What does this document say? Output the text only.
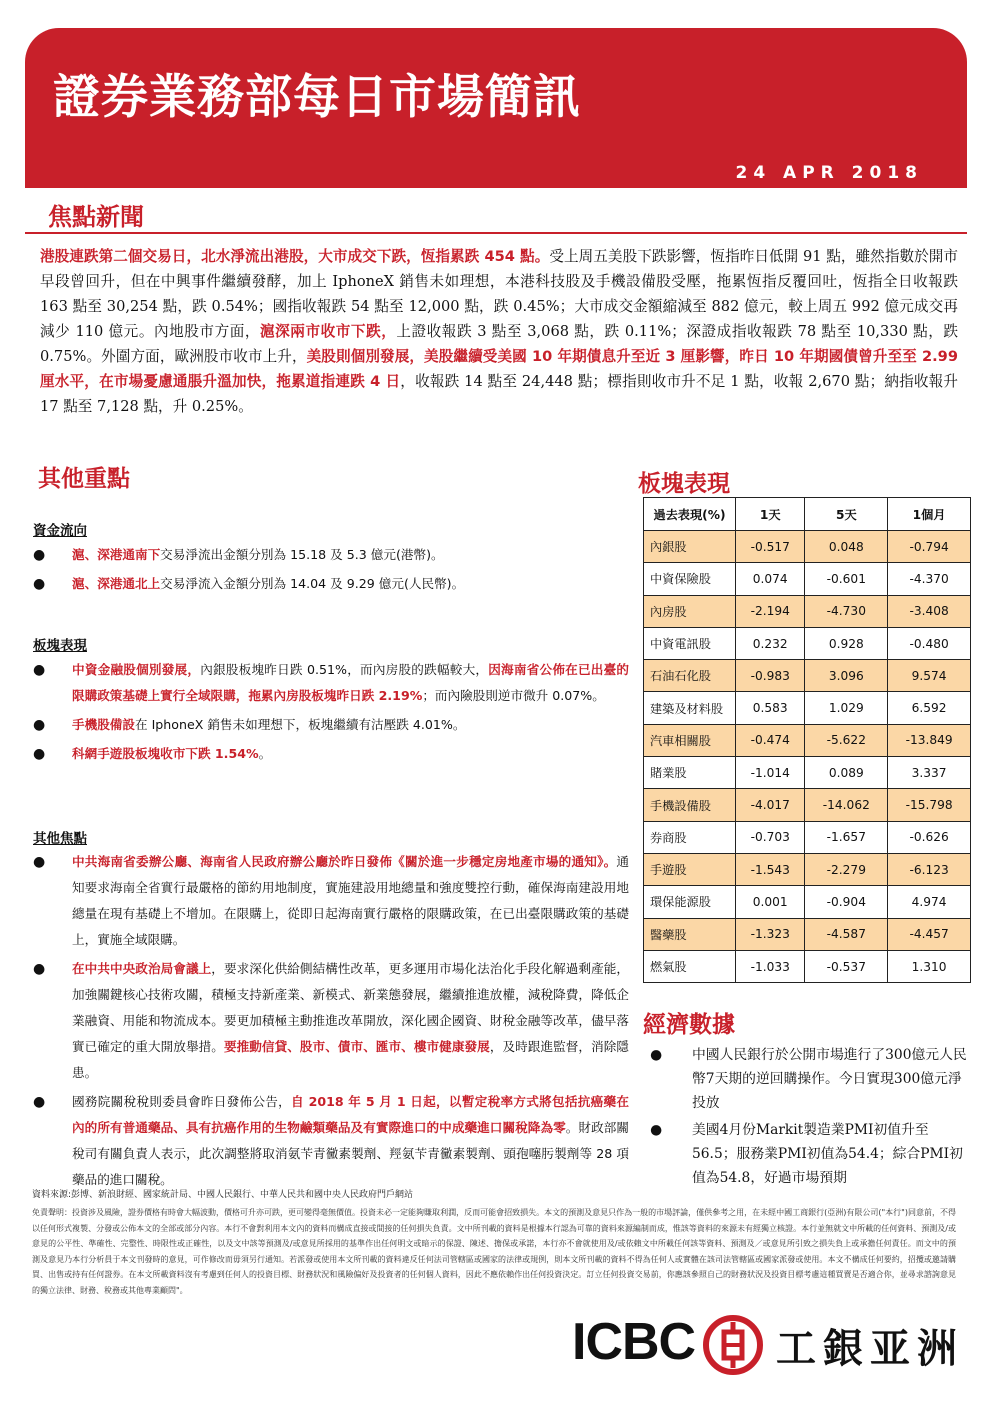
證券業務部每日市場簡訊
24 APR 2018
焦點新聞
港股連跌第二個交易日，北水淨流出港股，大市成交下跌，恆指累跌 454 點。受上周五美股下跌影響，恆指昨日低開 91 點，雖然指數於開市早段曾回升，但在中興事件繼續發酵，加上 IphoneX 銷售未如理想，本港科技股及手機設備股受壓，拖累恆指反覆回吐，恆指全日收報跌 163 點至 30,254 點，跌 0.54%；國指收報跌 54 點至 12,000 點，跌 0.45%；大市成交金額縮減至 882 億元，較上周五 992 億元成交再減少 110 億元。內地股市方面，滬深兩市收市下跌，上證收報跌 3 點至 3,068 點，跌 0.11%；深證成指收報跌 78 點至 10,330 點，跌 0.75%。外圍方面，歐洲股市收市上升，美股則個別發展，美股繼續受美國 10 年期債息升至近 3 厘影響，昨日 10 年期國債曾升至至 2.99 厘水平，在市場憂慮通脹升溫加快，拖累道指連跌 4 日，收報跌 14 點至 24,448 點；標指則收市升不足 1 點，收報 2,670 點；納指收報升 17 點至 7,128 點，升 0.25%。
其他重點
資金流向
● 滬、深港通南下交易淨流出金額分別為 15.18 及 5.3 億元(港幣)。
● 滬、深港通北上交易淨流入金額分別為 14.04 及 9.29 億元(人民幣)。
板塊表現
● 中資金融股個別發展，內銀股板塊昨日跌 0.51%，而內房股的跌幅較大，因海南省公佈在已出臺的限購政策基礎上實行全域限購，拖累內房股板塊昨日跌 2.19%；而內險股則逆市微升 0.07%。
● 手機股備設在 IphoneX 銷售未如理想下，板塊繼續有沽壓跌 4.01%。
● 科網手遊股板塊收市下跌 1.54%。
其他焦點
● 中共海南省委辦公廳、海南省人民政府辦公廳於昨日發佈《關於進一步穩定房地產市場的通知》。通知要求海南全省實行最嚴格的節約用地制度，實施建設用地總量和強度雙控行動，確保海南建設用地總量在現有基礎上不增加。在限購上，從即日起海南實行嚴格的限購政策，在已出臺限購政策的基礎上，實施全域限購。
● 在中共中央政治局會議上，要求深化供給側結構性改革，更多運用市場化法治化手段化解過剩產能，加強關鍵核心技術攻關，積極支持新產業、新模式、新業態發展，繼續推進放權，減稅降費，降低企業融資、用能和物流成本。要更加積極主動推進改革開放，深化國企國資、財稅金融等改革，儘早落實已確定的重大開放舉措。要推動信貸、股市、債市、匯市、樓市健康發展，及時跟進監督，消除隱患。
● 國務院關稅稅則委員會昨日發佈公告，自 2018 年 5 月 1 日起，以暫定稅率方式將包括抗癌藥在內的所有普通藥品、具有抗癌作用的生物鹼類藥品及有實際進口的中成藥進口關稅降為零。財政部關稅司有關負責人表示，此次調整將取消氨苄青黴素製劑、羥氨苄青黴素製劑、頭孢噻肟製劑等 28 項藥品的進口關稅。
板塊表現
過去表現(%)	1天	5天	1個月
內銀股	-0.517	0.048	-0.794
中資保險股	0.074	-0.601	-4.370
內房股	-2.194	-4.730	-3.408
中資電訊股	0.232	0.928	-0.480
石油石化股	-0.983	3.096	9.574
建築及材料股	0.583	1.029	6.592
汽車相關股	-0.474	-5.622	-13.849
賭業股	-1.014	0.089	3.337
手機設備股	-4.017	-14.062	-15.798
券商股	-0.703	-1.657	-0.626
手遊股	-1.543	-2.279	-6.123
環保能源股	0.001	-0.904	4.974
醫藥股	-1.323	-4.587	-4.457
燃氣股	-1.033	-0.537	1.310
經濟數據
● 中國人民銀行於公開市場進行了300億元人民幣7天期的逆回購操作。今日實現300億元淨投放
● 美國4月份Markit製造業PMI初值升至56.5；服務業PMI初值為54.4；綜合PMI初值為54.8，好過市場預期
資料來源:彭博、新浪財經、國家統計局、中國人民銀行、中華人民共和國中央人民政府門戶網站
免責聲明：投資涉及風險，證券價格有時會大幅波動，價格可升亦可跌，更可變得毫無價值。投資未必一定能夠賺取利潤，反而可能會招致損失。本文的預測及意見只作為一般的市場評論，僅供參考之用，在未經中國工商銀行(亞洲)有限公司("本行")同意前，不得以任何形式複製、分發或公佈本文的全部或部分內容。本行不會對利用本文內的資料而構成直接或間接的任何損失負責。文中所刊載的資料是根據本行認為可靠的資料來源編制而成，惟該等資料的來源未有經獨立核證。本行並無就文中所載的任何資料、預測及/或意見的公平性、準確性、完整性、時限性或正確性，以及文中該等預測及/或意見所採用的基準作出任何明文或暗示的保證、陳述、擔保或承諾，本行亦不會就使用及/或依賴文中所載任何該等資料、預測及／或意見所引致之損失負上或承擔任何責任。而文中的預測及意見乃本行分析員于本文刊發時的意見，可作修改而毋須另行通知。若派發或使用本文所刊載的資料違反任何法司管轄區或國家的法律或規例，則本文所刊載的資料不得為任何人或實體在該司法管轄區或國家派發或使用。本文不構成任何要約，招攬或邀請購買、出售或持有任何證券。在本文所載資料沒有考慮到任何人的投資目標、財務狀況和風險偏好及投資者的任何個人資料，因此不應依賴作出任何投資決定。訂立任何投資交易前，你應該參照自己的財務狀況及投資目標考慮這種買賣是否適合你，並尋求諮詢意見的獨立法律、財務、稅務或其他專業顧問"。
ICBC 工銀亚洲
